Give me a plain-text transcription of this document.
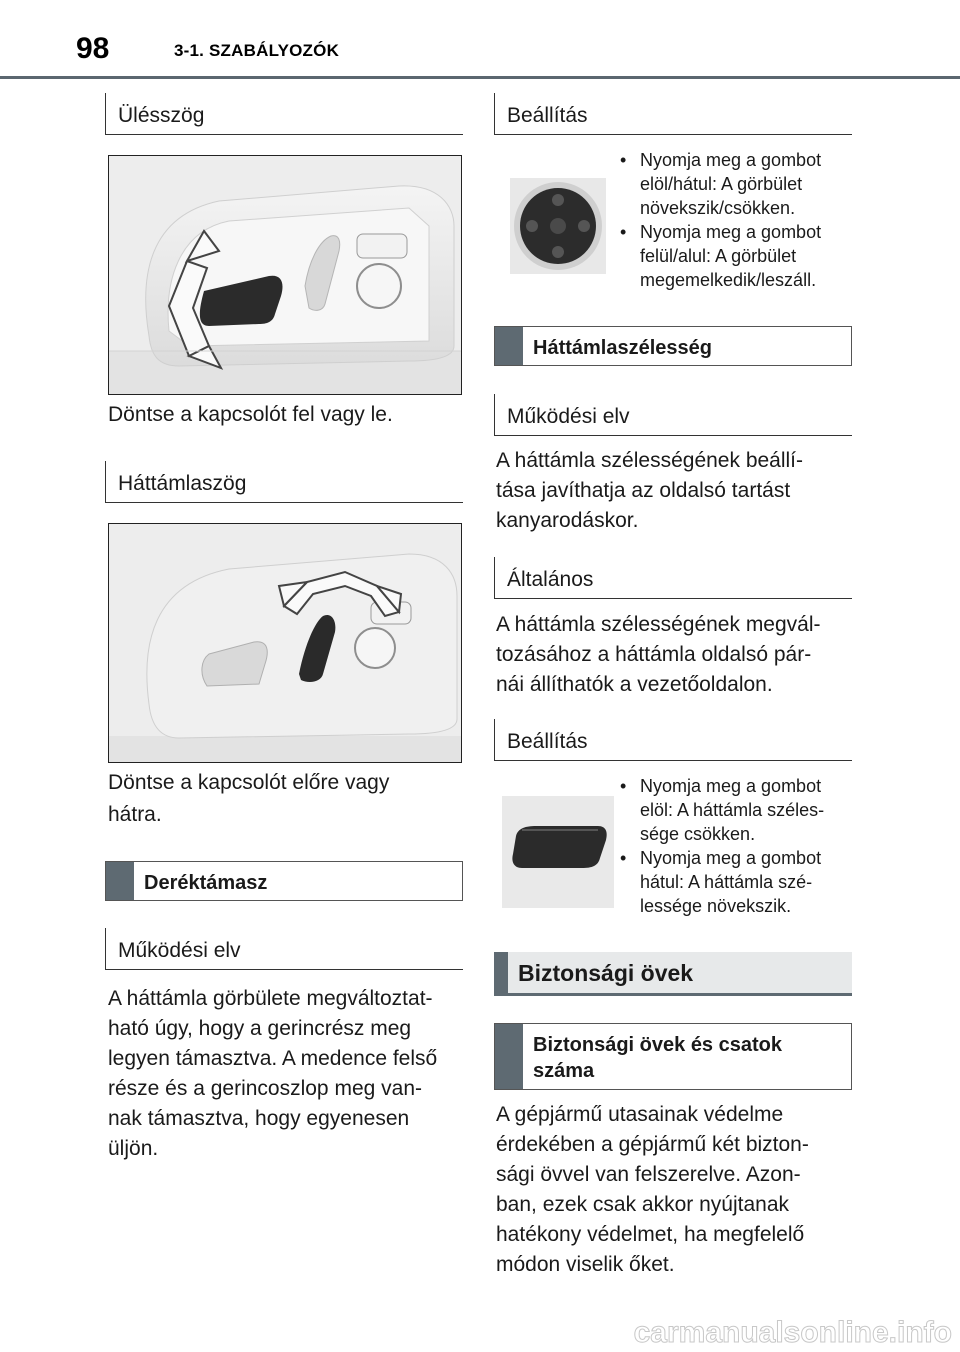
98	3-1. SZABÁLYOZÓK
Ülésszög
Döntse a kapcsolót fel vagy le.
Háttámlaszög
Döntse a kapcsolót előre vagy
hátra.
Deréktámasz
Működési elv
A háttámla görbülete megváltoztat-
ható úgy, hogy a gerincrész meg
legyen támasztva. A medence felső
része és a gerincoszlop meg van-
nak támasztva, hogy egyenesen
üljön.
Beállítás
• Nyomja meg a gombot
elöl/hátul: A görbület
növekszik/csökken.
• Nyomja meg a gombot
felül/alul: A görbület
megemelkedik/leszáll.
Háttámlaszélesség
Működési elv
A háttámla szélességének beállí-
tása javíthatja az oldalsó tartást
kanyarodáskor.
Általános
A háttámla szélességének megvál-
tozásához a háttámla oldalsó pár-
nái állíthatók a vezetőoldalon.
Beállítás
• Nyomja meg a gombot
elöl: A háttámla széles-
sége csökken.
• Nyomja meg a gombot
hátul: A háttámla szé-
lessége növekszik.
Biztonsági övek
Biztonsági övek és csatok
száma
A gépjármű utasainak védelme
érdekében a gépjármű két bizton-
sági övvel van felszerelve. Azon-
ban, ezek csak akkor nyújtanak
hatékony védelmet, ha megfelelő
módon viselik őket.
carmanualsonline.info
